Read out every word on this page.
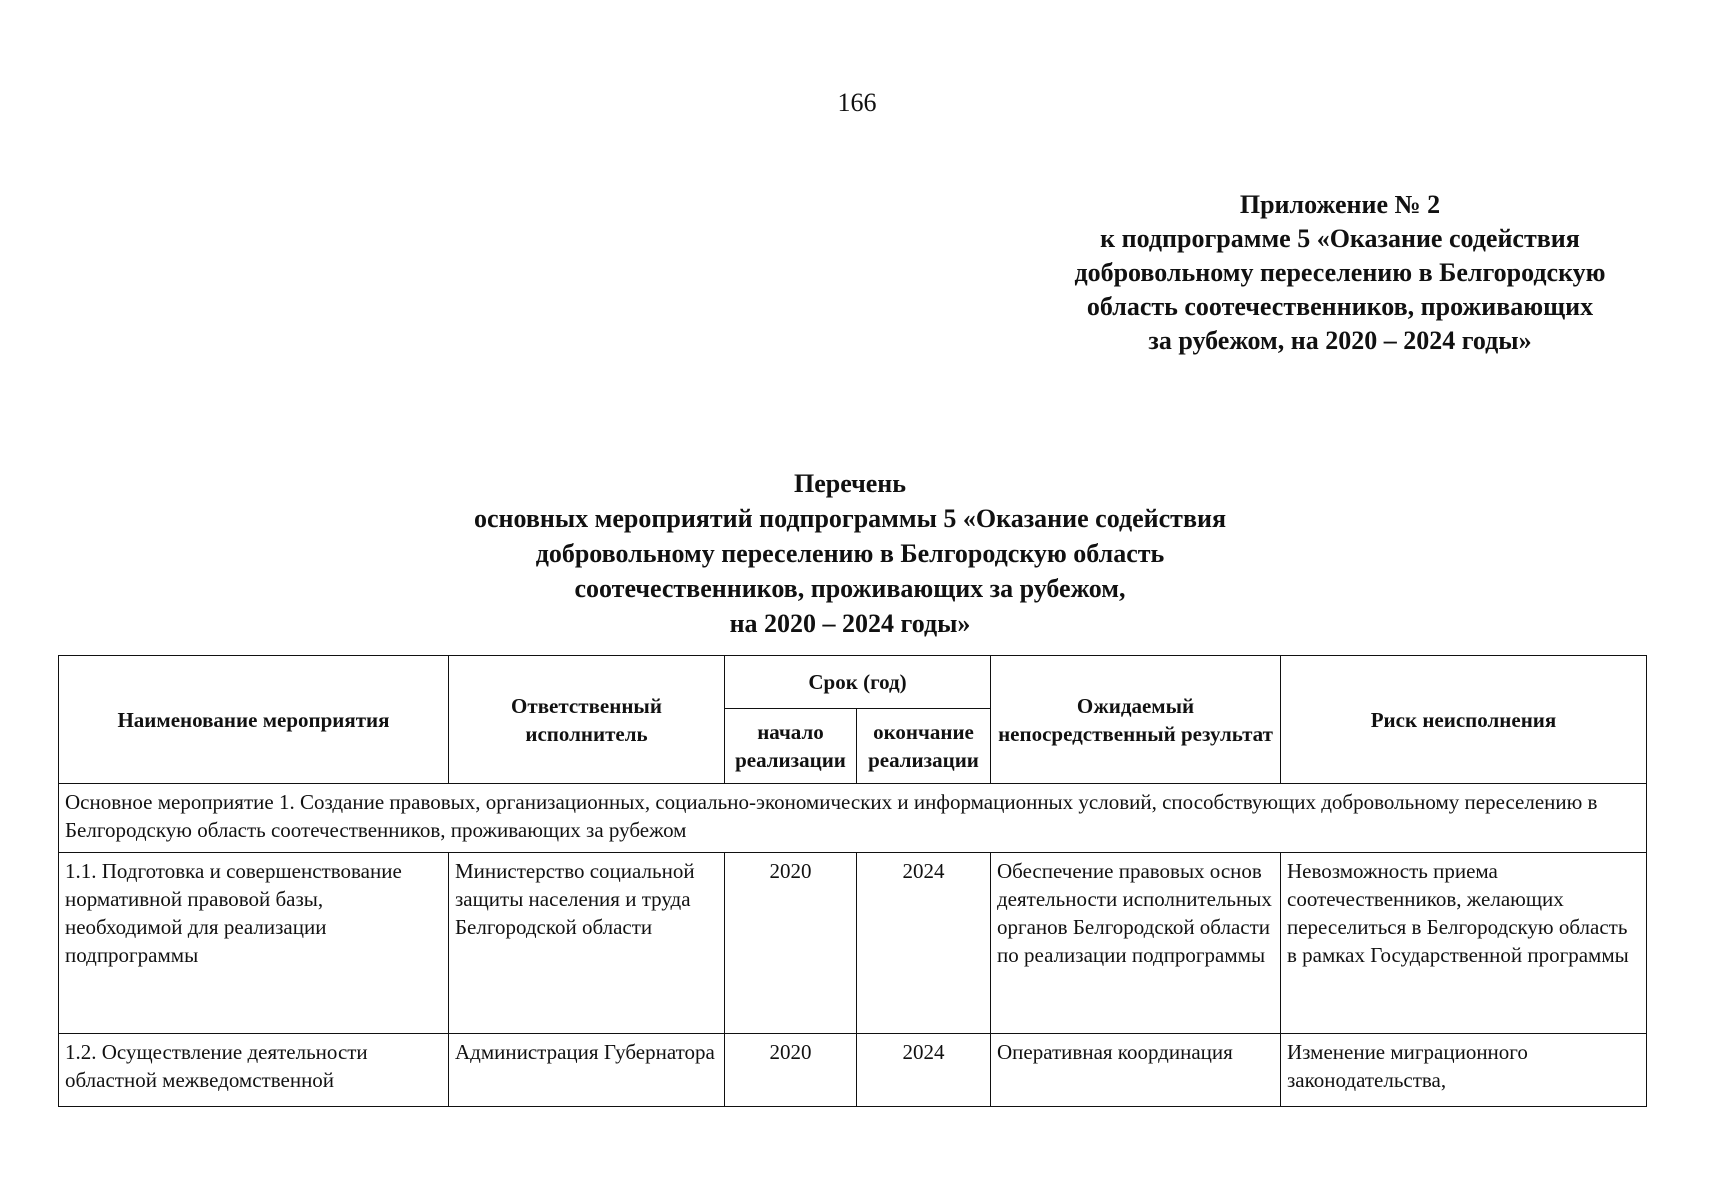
166
Приложение № 2
к подпрограмме 5 «Оказание содействия
добровольному переселению в Белгородскую
область соотечественников, проживающих
за рубежом, на 2020 – 2024 годы»
Перечень
основных мероприятий подпрограммы 5 «Оказание содействия
добровольному переселению в Белгородскую область
соотечественников, проживающих за рубежом,
на 2020 – 2024 годы»
Наименование мероприятия	Ответственный исполнитель	Срок (год)		Ожидаемый непосредственный результат	Риск неисполнения
		начало реализации	окончание реализации		
Основное мероприятие 1. Создание правовых, организационных, социально-экономических и информационных условий, способствующих добровольному переселению в Белгородскую область соотечественников, проживающих за рубежом					
1.1. Подготовка и совершенствование нормативной правовой базы, необходимой для реализации подпрограммы	Министерство социальной защиты населения и труда Белгородской области	2020	2024	Обеспечение правовых основ деятельности исполнительных органов Белгородской области по реализации подпрограммы	Невозможность приема соотечественников, желающих переселиться в Белгородскую область в рамках Государственной программы
1.2. Осуществление деятельности областной межведомственной	Администрация Губернатора	2020	2024	Оперативная координация	Изменение миграционного законодательства,
